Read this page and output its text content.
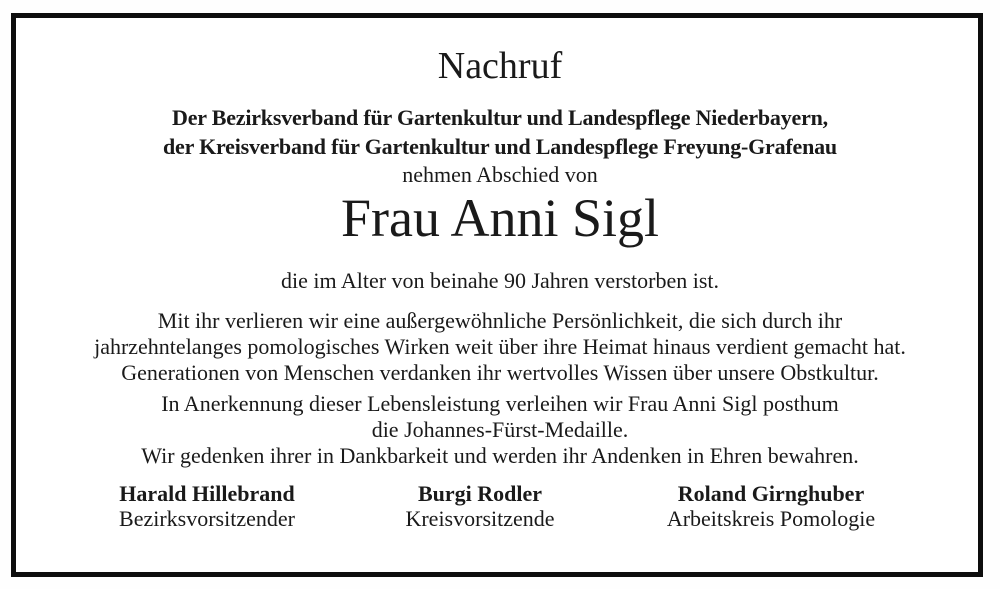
Nachruf
Der Bezirksverband für Gartenkultur und Landespflege Niederbayern,
der Kreisverband für Gartenkultur und Landespflege Freyung-Grafenau
nehmen Abschied von
Frau Anni Sigl
die im Alter von beinahe 90 Jahren verstorben ist.
Mit ihr verlieren wir eine außergewöhnliche Persönlichkeit, die sich durch ihr
jahrzehntelanges pomologisches Wirken weit über ihre Heimat hinaus verdient gemacht hat.
Generationen von Menschen verdanken ihr wertvolles Wissen über unsere Obstkultur.
In Anerkennung dieser Lebensleistung verleihen wir Frau Anni Sigl posthum
die Johannes-Fürst-Medaille.
Wir gedenken ihrer in Dankbarkeit und werden ihr Andenken in Ehren bewahren.
Harald Hillebrand
Bezirksvorsitzender
Burgi Rodler
Kreisvorsitzende
Roland Girnghuber
Arbeitskreis Pomologie
